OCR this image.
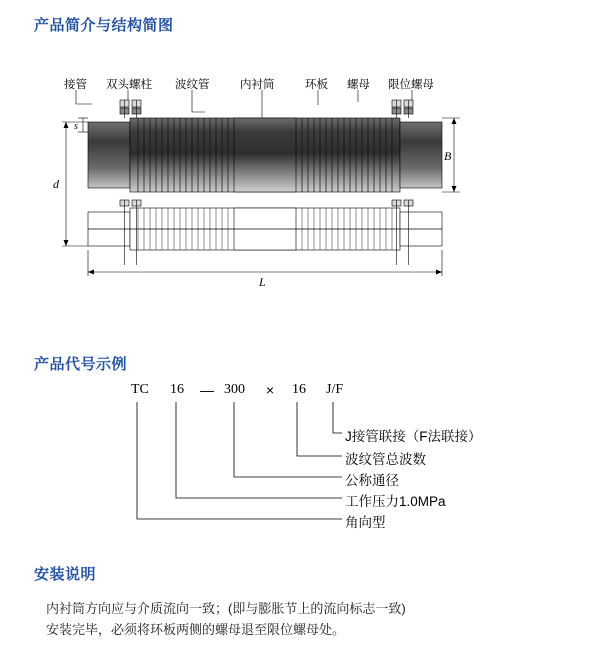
产品简介与结构简图
接管 双头螺柱 波纹管	内衬筒	环板 螺母 限位螺母
s
d
B
L
产品代号示例
TC 16 — 300 × 16 J/F
J接管联接（F法联接）
波纹管总波数
公称通径
工作压力1.0MPa
角向型
安装说明
内衬筒方向应与介质流向一致；(即与膨胀节上的流向标志一致)
安装完毕，必须将环板两侧的螺母退至限位螺母处。
